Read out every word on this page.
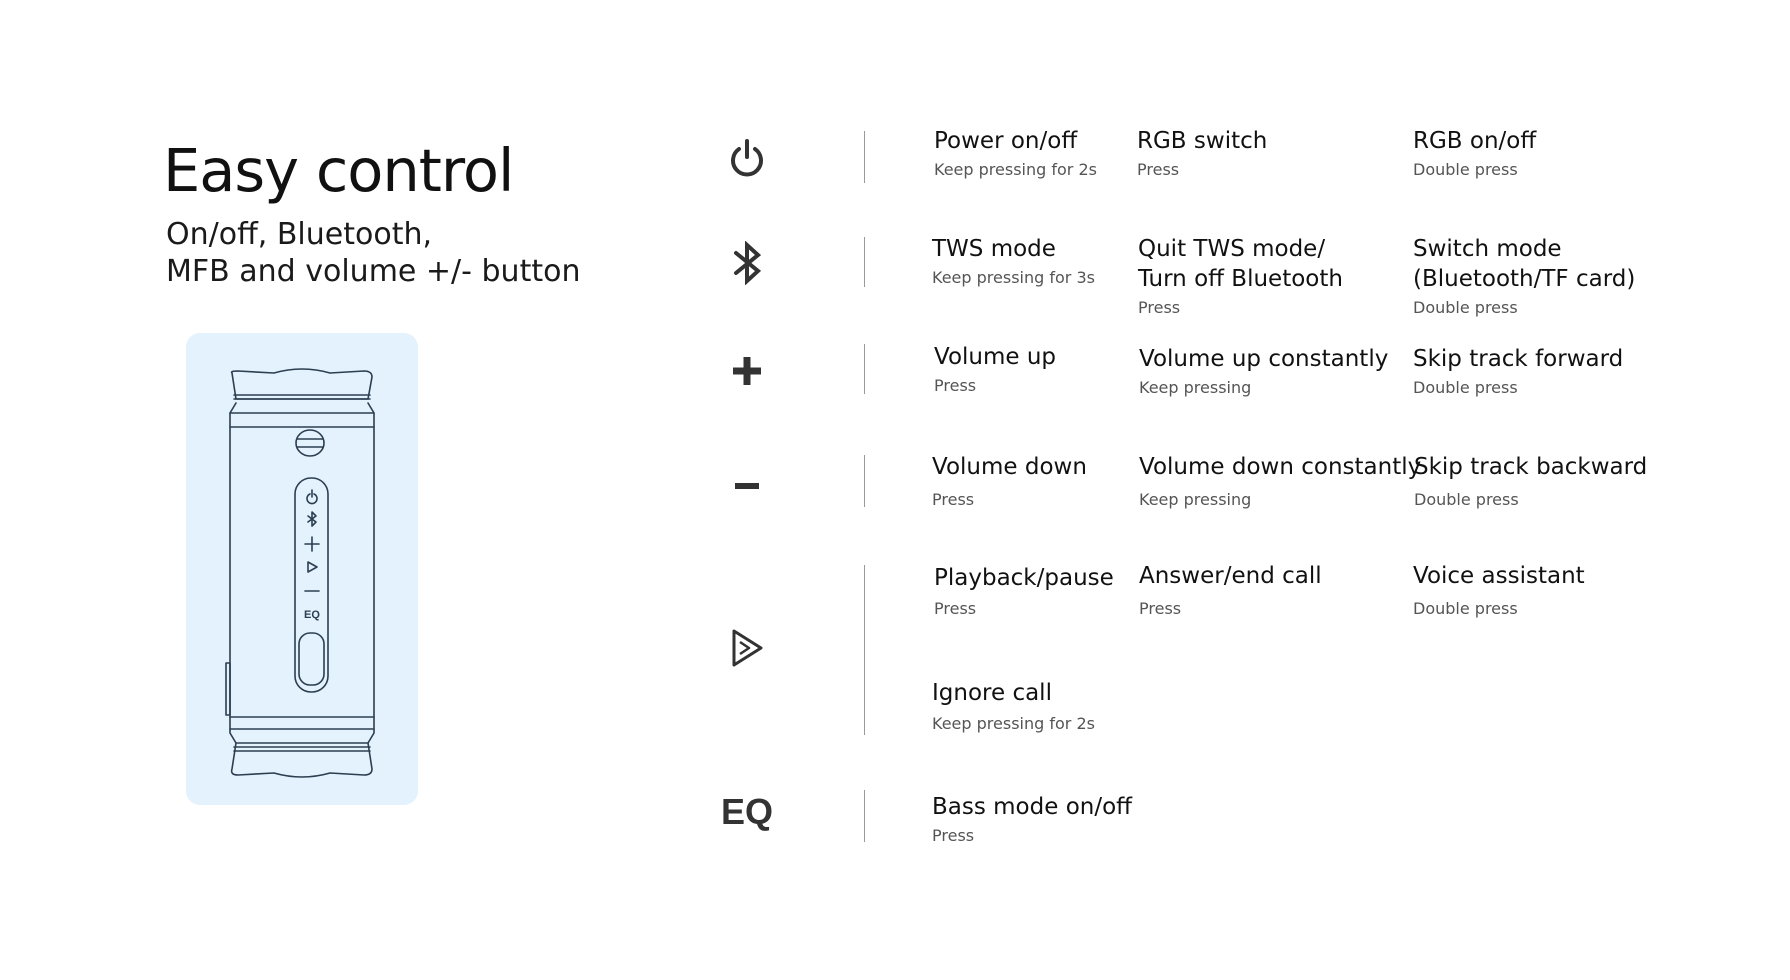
Easy control
On/off, Bluetooth,
MFB and volume +/- button
EQ
Power on/off
Keep pressing for 2s
RGB switch
Press
RGB on/off
Double press
TWS mode
Keep pressing for 3s
Quit TWS mode/
Turn off Bluetooth
Press
Switch mode
(Bluetooth/TF card)
Double press
Volume up
Press
Volume up constantly
Keep pressing
Skip track forward
Double press
Volume down
Press
Volume down constantly
Keep pressing
Skip track backward
Double press
Playback/pause
Press
Answer/end call
Press
Voice assistant
Double press
Ignore call
Keep pressing for 2s
EQ	Bass mode on/off
Press
